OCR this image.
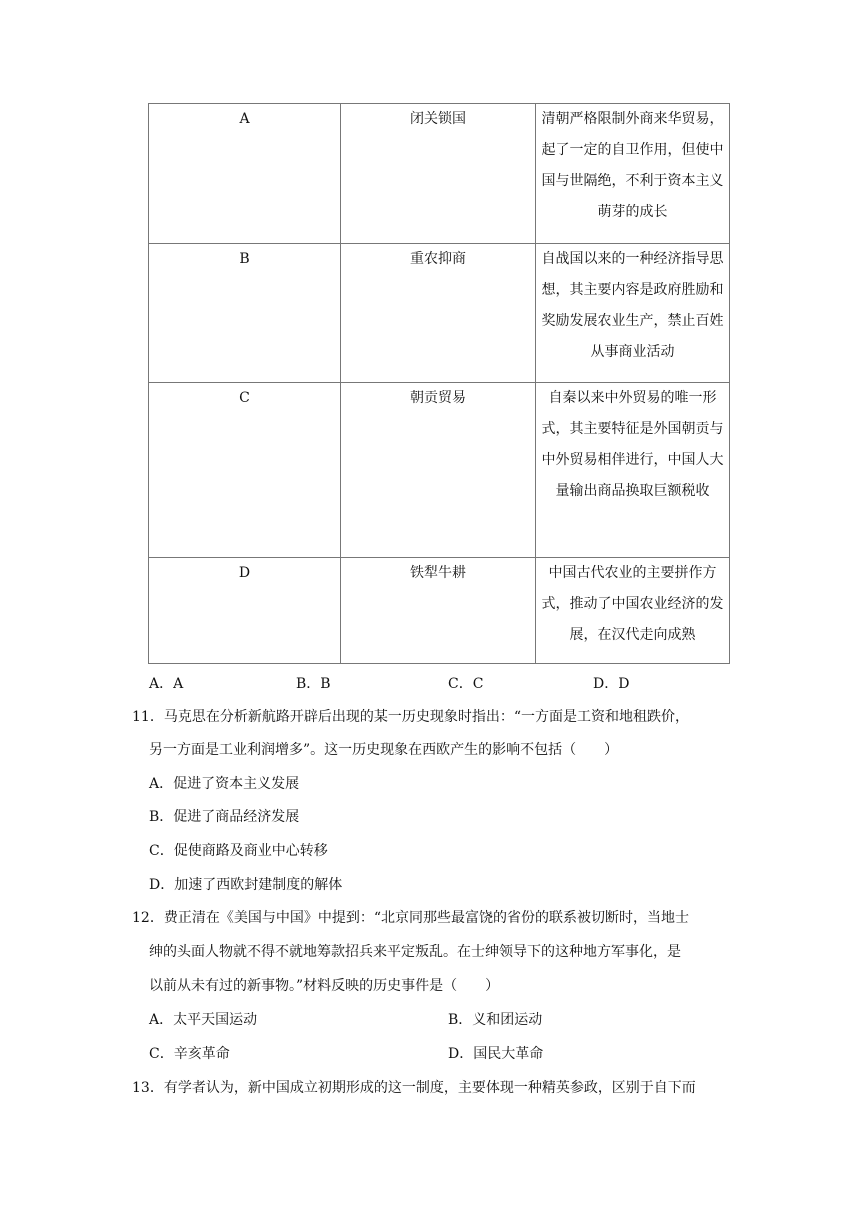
A	闭关锁国	清朝严格限制外商来华贸易，起了一定的自卫作用，但使中国与世隔绝，不利于资本主义萌芽的成长
B	重农抑商	自战国以来的一种经济指导思想，其主要内容是政府胜励和奖励发展农业生产，禁止百姓从事商业活动
C	朝贡贸易	自秦以来中外贸易的唯一形式，其主要特征是外国朝贡与中外贸易相伴进行，中国人大量输出商品换取巨额税收
D	铁犁牛耕	中国古代农业的主要拼作方式，推动了中国农业经济的发展，在汉代走向成熟
A．A	B．B	C．C	D．D
11．马克思在分析新航路开辟后出现的某一历史现象时指出：“一方面是工资和地租跌价，
另一方面是工业利润增多”。这一历史现象在西欧产生的影响不包括（　　）
A．促进了资本主义发展
B．促进了商品经济发展
C．促使商路及商业中心转移
D．加速了西欧封建制度的解体
12．费正清在《美国与中国》中提到：“北京同那些最富饶的省份的联系被切断时，当地士
绅的头面人物就不得不就地筹款招兵来平定叛乱。在士绅领导下的这种地方军事化，是
以前从未有过的新事物。”材料反映的历史事件是（　　）
A．太平天国运动	B．义和团运动
C．辛亥革命	D．国民大革命
13．有学者认为，新中国成立初期形成的这一制度，主要体现一种精英参政，区别于自下而
